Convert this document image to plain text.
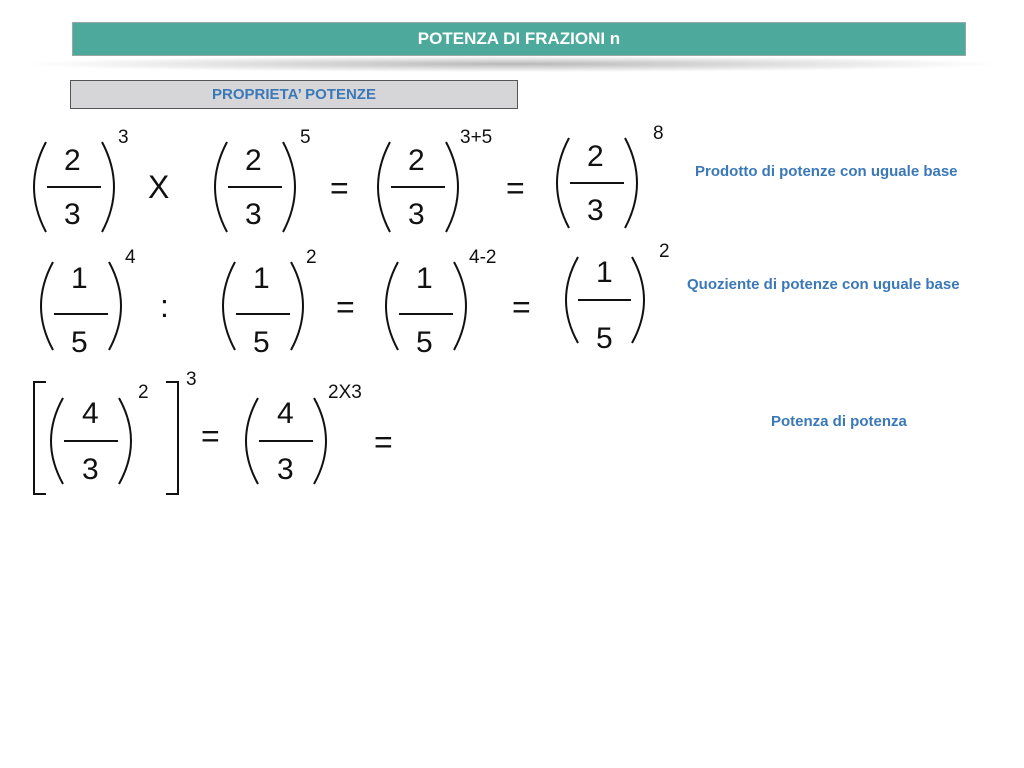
POTENZA DI FRAZIONI n
PROPRIETA’ POTENZE
2
3
3
X
2
3
5
=
2
3
3+5
=
2
3
8
Prodotto di potenze con uguale base
1
5
4
:
1
5
2
=
1
5
4-2
=
1
5
2
Quoziente di potenze con uguale base
4
3
2
3
=
4
3
2X3
=
Potenza di potenza
